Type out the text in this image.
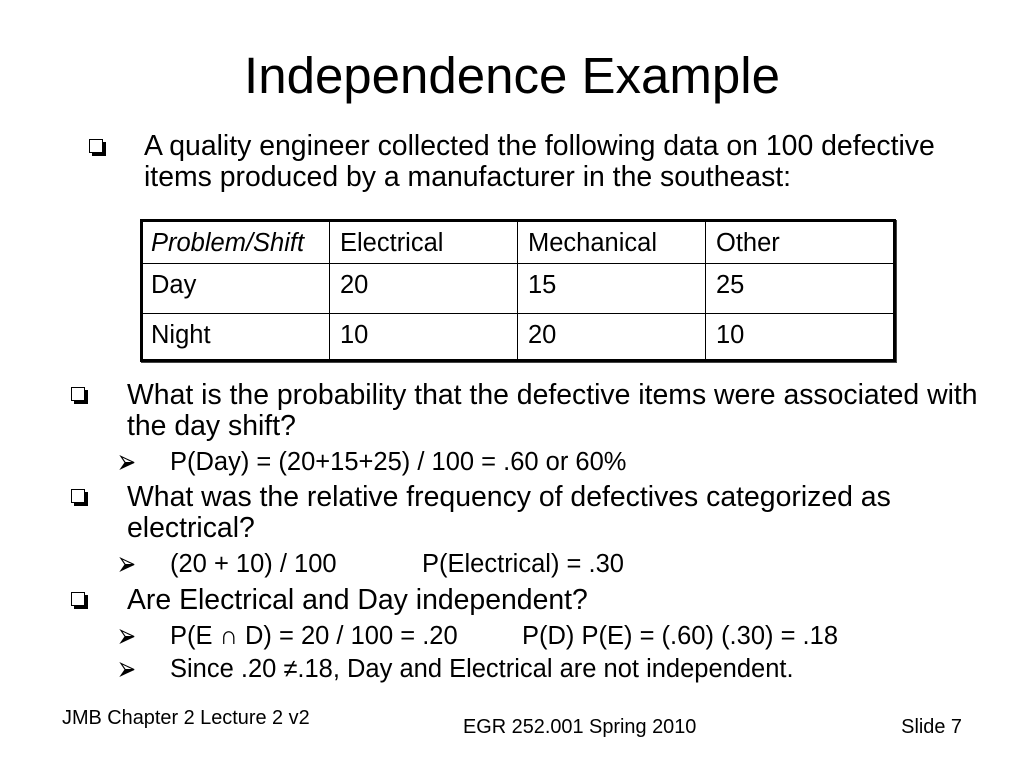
Independence Example
A quality engineer collected the following data on 100 defective
items produced by a manufacturer in the southeast:
Problem/Shift	Electrical	Mechanical	Other
Day	20	15	25
Night	10	20	10
What is the probability that the defective items were associated with
the day shift?
P(Day) = (20+15+25) / 100 = .60 or 60%
What was the relative frequency of defectives categorized as
electrical?
(20 + 10) / 100	P(Electrical) = .30
Are Electrical and Day independent?
P(E ∩ D) = 20 / 100 = .20	P(D) P(E) = (.60) (.30) = .18
Since .20 ≠.18, Day and Electrical are not independent.
JMB Chapter 2 Lecture 2 v2	EGR 252.001 Spring 2010	Slide 7
